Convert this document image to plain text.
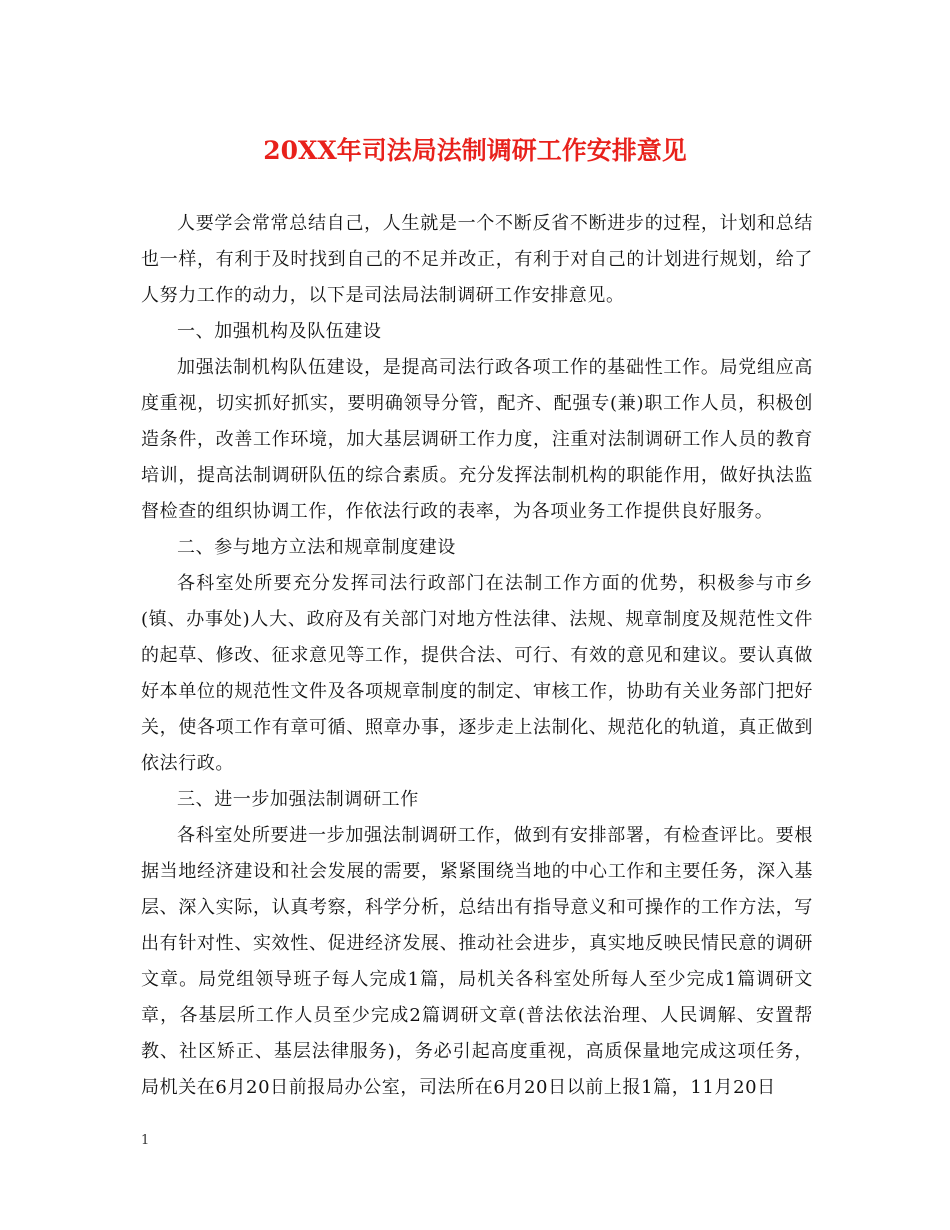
20XX年司法局法制调研工作安排意见

人要学会常常总结自己，人生就是一个不断反省不断进步的过程，计划和总结也一样，有利于及时找到自己的不足并改正，有利于对自己的计划进行规划，给了人努力工作的动力，以下是司法局法制调研工作安排意见。

一、加强机构及队伍建设

加强法制机构队伍建设，是提高司法行政各项工作的基础性工作。局党组应高度重视，切实抓好抓实，要明确领导分管，配齐、配强专(兼)职工作人员，积极创造条件，改善工作环境，加大基层调研工作力度，注重对法制调研工作人员的教育培训，提高法制调研队伍的综合素质。充分发挥法制机构的职能作用，做好执法监督检查的组织协调工作，作依法行政的表率，为各项业务工作提供良好服务。

二、参与地方立法和规章制度建设

各科室处所要充分发挥司法行政部门在法制工作方面的优势，积极参与市乡(镇、办事处)人大、政府及有关部门对地方性法律、法规、规章制度及规范性文件的起草、修改、征求意见等工作，提供合法、可行、有效的意见和建议。要认真做好本单位的规范性文件及各项规章制度的制定、审核工作，协助有关业务部门把好关，使各项工作有章可循、照章办事，逐步走上法制化、规范化的轨道，真正做到依法行政。

三、进一步加强法制调研工作

各科室处所要进一步加强法制调研工作，做到有安排部署，有检查评比。要根据当地经济建设和社会发展的需要，紧紧围绕当地的中心工作和主要任务，深入基层、深入实际，认真考察，科学分析，总结出有指导意义和可操作的工作方法，写出有针对性、实效性、促进经济发展、推动社会进步，真实地反映民情民意的调研文章。局党组领导班子每人完成1篇，局机关各科室处所每人至少完成1篇调研文章，各基层所工作人员至少完成2篇调研文章(普法依法治理、人民调解、安置帮教、社区矫正、基层法律服务)，务必引起高度重视，高质保量地完成这项任务，局机关在6月20日前报局办公室，司法所在6月20日以前上报1篇，11月20日

1
